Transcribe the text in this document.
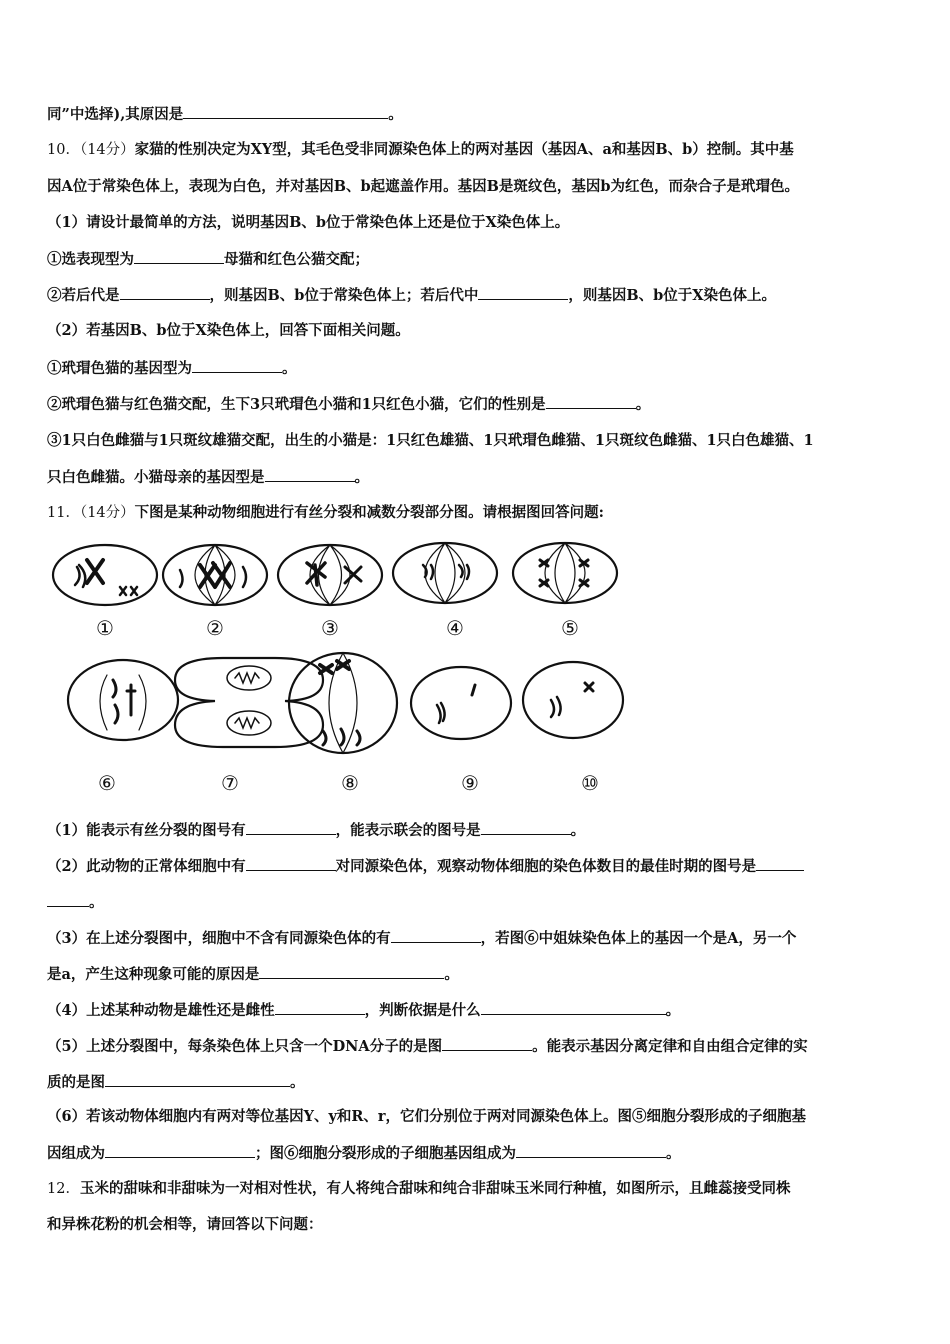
同”中选择),其原因是	。
10．（14分）家猫的性别决定为XY型，其毛色受非同源染色体上的两对基因（基因A、a和基因B、b）控制。其中基
因A位于常染色体上，表现为白色，并对基因B、b起遮盖作用。基因B是斑纹色，基因b为红色，而杂合子是玳瑁色。
（1）请设计最简单的方法，说明基因B、b位于常染色体上还是位于X染色体上。
①选表现型为	母猫和红色公猫交配；
②若后代是	，则基因B、b位于常染色体上；若后代中	，则基因B、b位于X染色体上。
（2）若基因B、b位于X染色体上，回答下面相关问题。
①玳瑁色猫的基因型为	。
②玳瑁色猫与红色猫交配，生下3只玳瑁色小猫和1只红色小猫，它们的性别是	。
③1只白色雌猫与1只斑纹雄猫交配，出生的小猫是：1只红色雄猫、1只玳瑁色雌猫、1只斑纹色雌猫、1只白色雄猫、1
只白色雌猫。小猫母亲的基因型是	。
11．（14分）下图是某种动物细胞进行有丝分裂和减数分裂部分图。请根据图回答问题:
①	②	③	④	⑤
⑥	⑦	⑧	⑨	⑩
（1）能表示有丝分裂的图号有	，能表示联会的图号是	。
（2）此动物的正常体细胞中有	对同源染色体，观察动物体细胞的染色体数目的最佳时期的图号是
。
（3）在上述分裂图中，细胞中不含有同源染色体的有	，若图⑥中姐妹染色体上的基因一个是A，另一个
是a，产生这种现象可能的原因是	。
（4）上述某种动物是雄性还是雌性	，判断依据是什么	。
（5）上述分裂图中，每条染色体上只含一个DNA分子的是图	。能表示基因分离定律和自由组合定律的实
质的是图	。
（6）若该动物体细胞内有两对等位基因Y、y和R、r，它们分别位于两对同源染色体上。图⑤细胞分裂形成的子细胞基
因组成为	；图⑥细胞分裂形成的子细胞基因组成为	。
12．玉米的甜味和非甜味为一对相对性状，有人将纯合甜味和纯合非甜味玉米同行种植，如图所示，且雌蕊接受同株
和异株花粉的机会相等，请回答以下问题：
